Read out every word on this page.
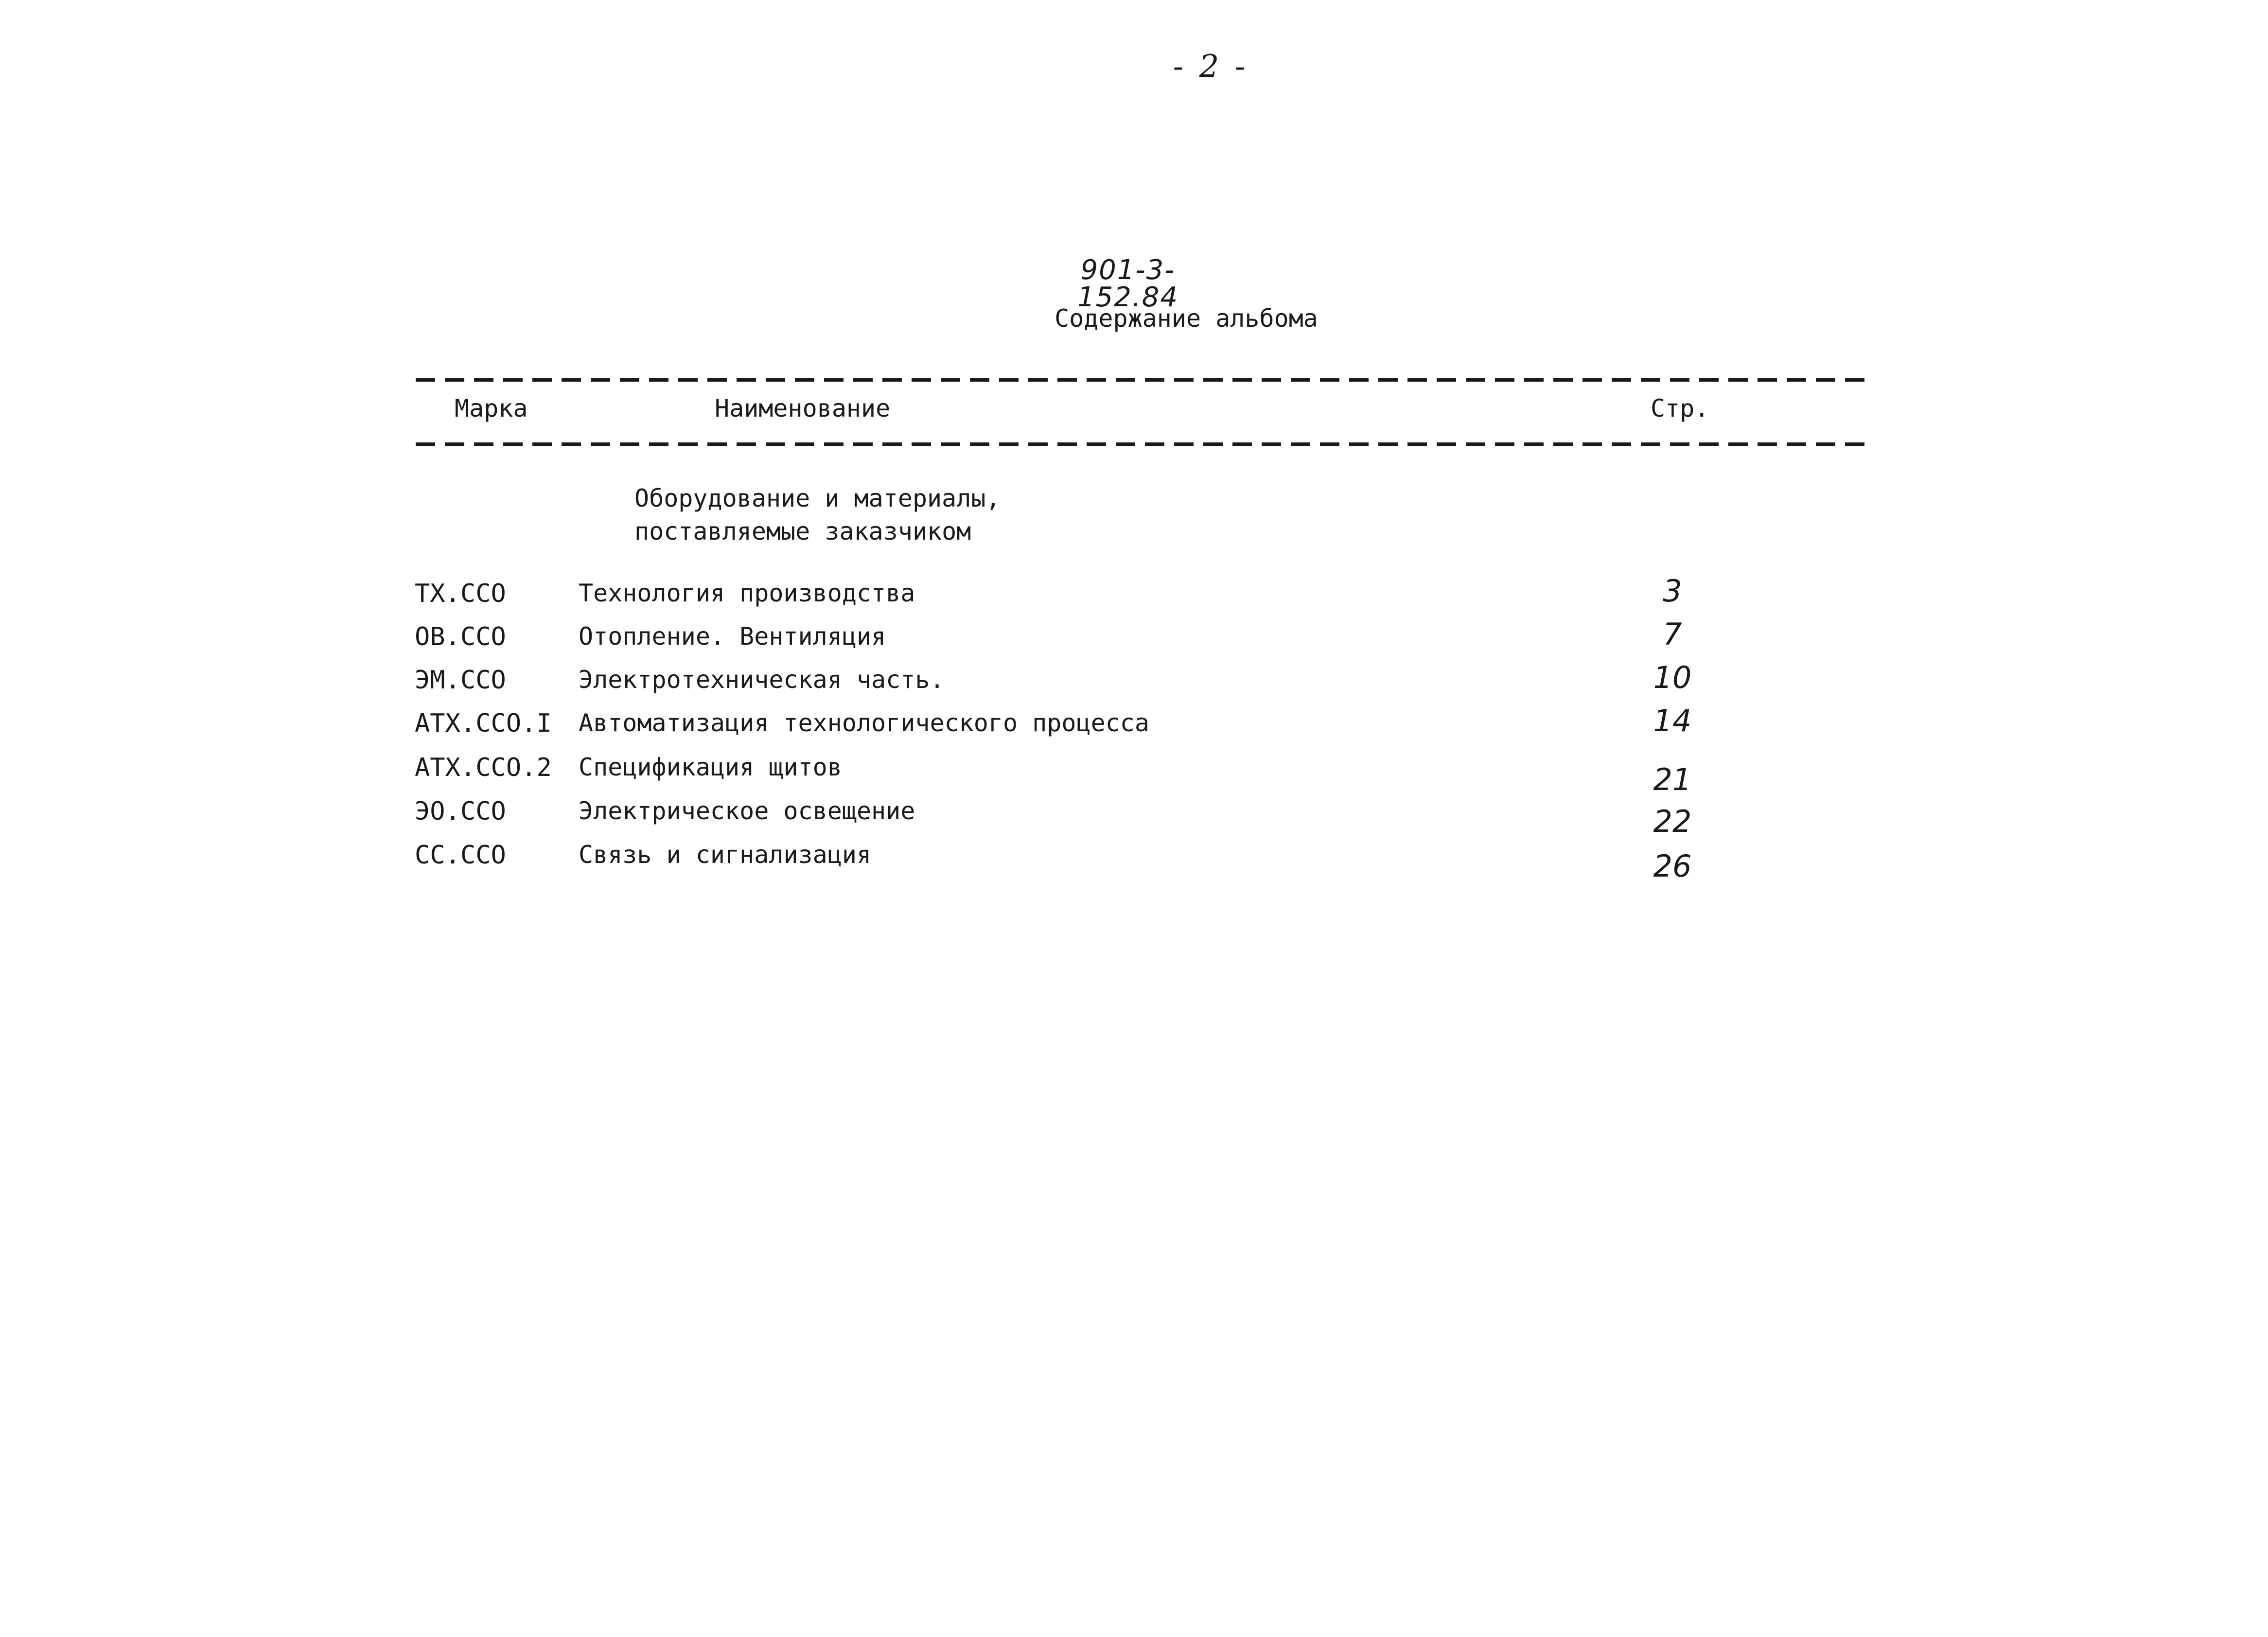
- 2 -
901-3-152.84
Содержание альбома
Марка	Наименование	Стр.
Оборудование и материалы,
поставляемые заказчиком
ТХ.ССО	Технология производства	3
ОВ.ССО	Отопление. Вентиляция	7
ЭМ.ССО	Электротехническая часть.	10
АТХ.ССО.I Автоматизация технологического процесса	14
АТХ.ССО.2 Спецификация щитов	21
ЭО.ССО	Электрическое освещение	22
СС.ССО	Связь и сигнализация	26
